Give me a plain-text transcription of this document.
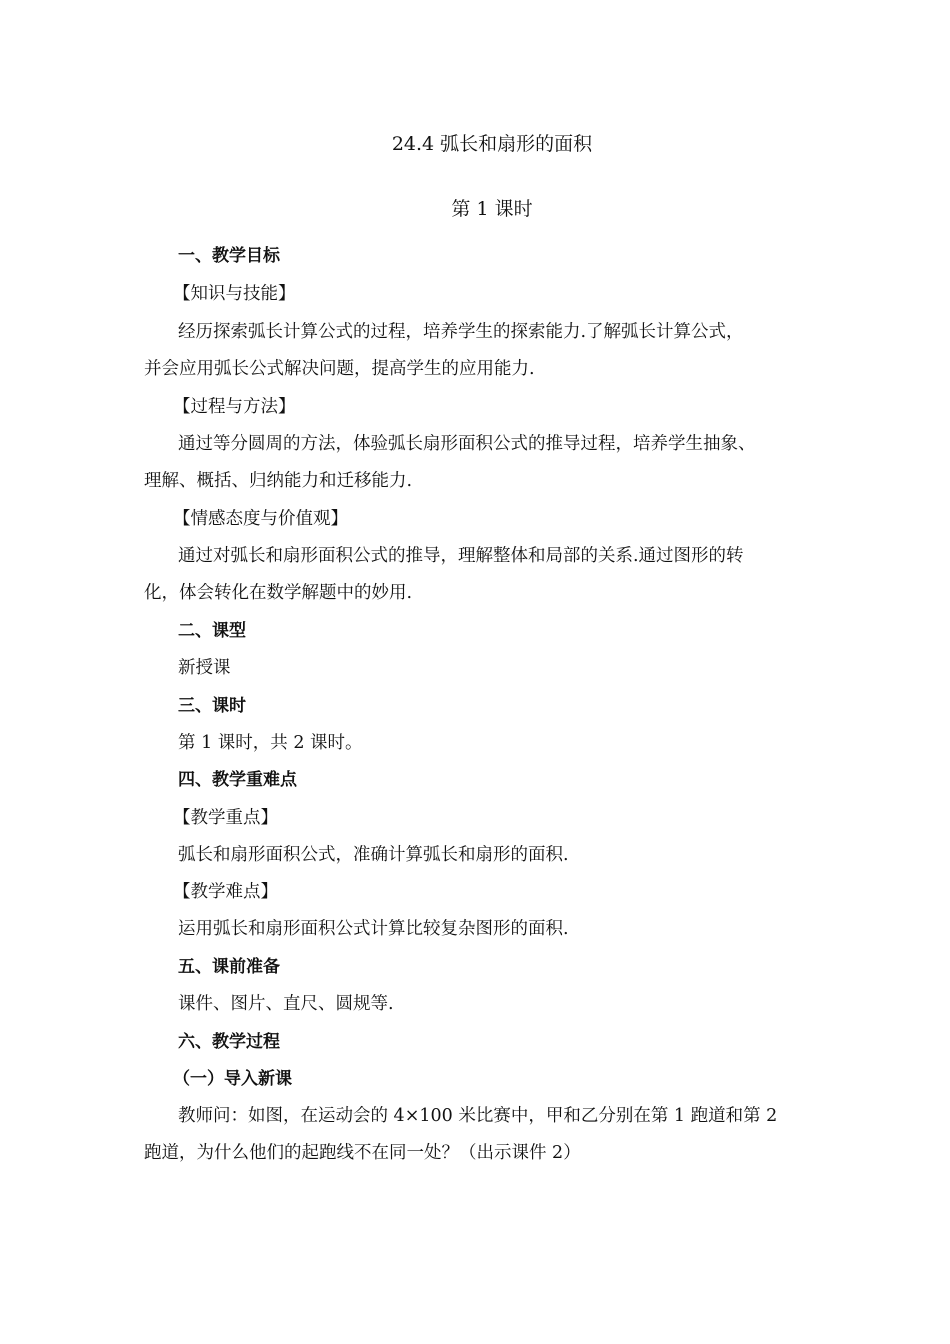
24.4 弧长和扇形的面积
第 1 课时
一、教学目标
【知识与技能】
经历探索弧长计算公式的过程，培养学生的探索能力.了解弧长计算公式，
并会应用弧长公式解决问题，提高学生的应用能力.
【过程与方法】
通过等分圆周的方法，体验弧长扇形面积公式的推导过程，培养学生抽象、
理解、概括、归纳能力和迁移能力.
【情感态度与价值观】
通过对弧长和扇形面积公式的推导，理解整体和局部的关系.通过图形的转
化，体会转化在数学解题中的妙用.
二、课型
新授课
三、课时
第 1 课时，共 2 课时。
四、教学重难点
【教学重点】
弧长和扇形面积公式，准确计算弧长和扇形的面积.
【教学难点】
运用弧长和扇形面积公式计算比较复杂图形的面积.
五、课前准备
课件、图片、直尺、圆规等.
六、教学过程
（一）导入新课
教师问：如图，在运动会的 4×100 米比赛中，甲和乙分别在第 1 跑道和第 2
跑道，为什么他们的起跑线不在同一处？（出示课件 2）
